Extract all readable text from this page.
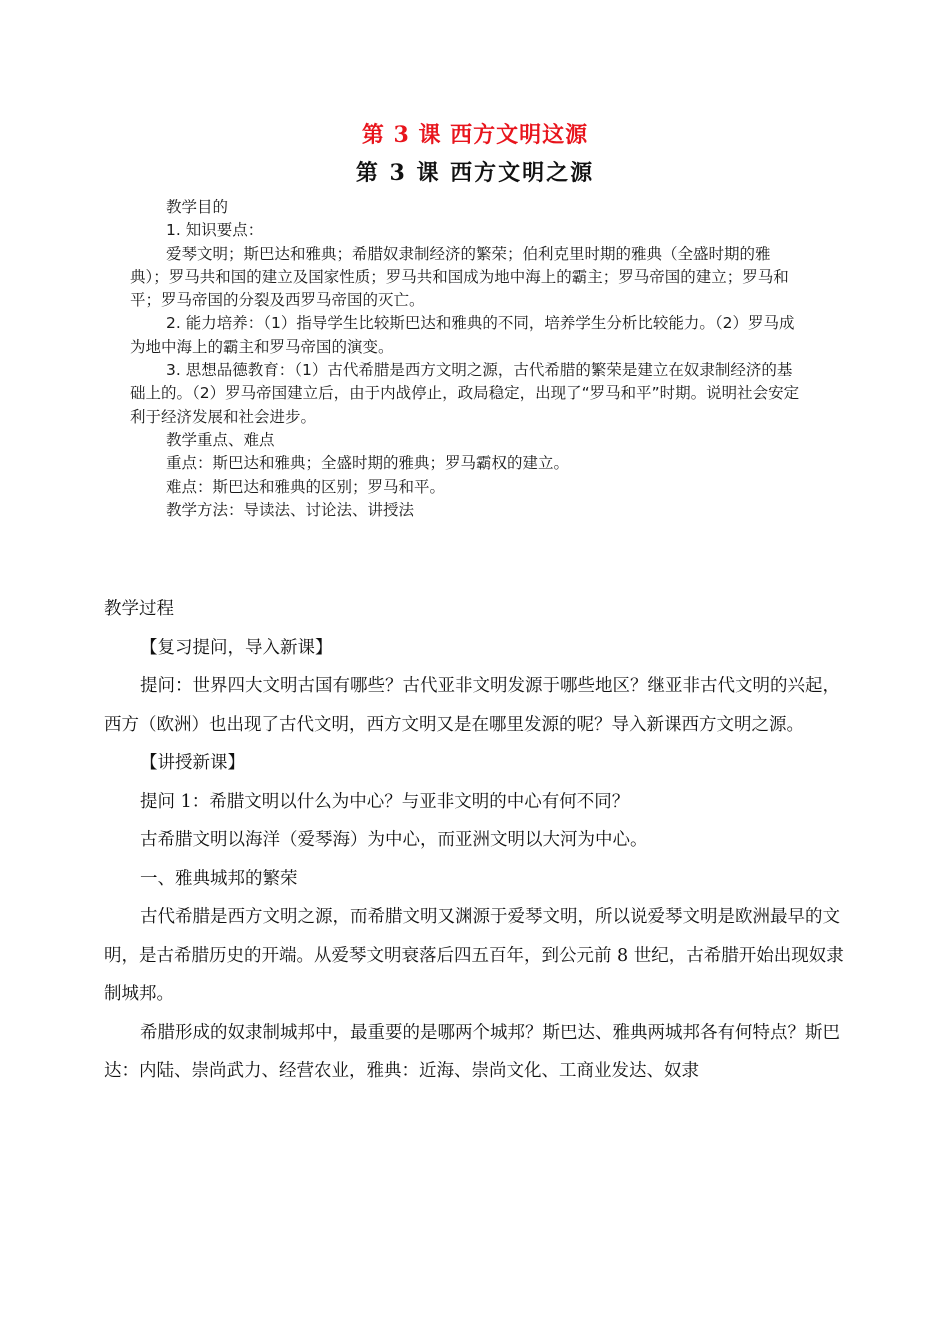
第 3 课 西方文明这源
第 3 课 西方文明之源

教学目的

1. 知识要点：

爱琴文明；斯巴达和雅典；希腊奴隶制经济的繁荣；伯利克里时期的雅典（全盛时期的雅典）；罗马共和国的建立及国家性质；罗马共和国成为地中海上的霸主；罗马帝国的建立；罗马和平；罗马帝国的分裂及西罗马帝国的灭亡。

2. 能力培养：（1）指导学生比较斯巴达和雅典的不同，培养学生分析比较能力。（2）罗马成为地中海上的霸主和罗马帝国的演变。

3. 思想品德教育：（1）古代希腊是西方文明之源，古代希腊的繁荣是建立在奴隶制经济的基础上的。（2）罗马帝国建立后，由于内战停止，政局稳定，出现了“罗马和平”时期。说明社会安定利于经济发展和社会进步。

教学重点、难点

重点：斯巴达和雅典；全盛时期的雅典；罗马霸权的建立。

难点：斯巴达和雅典的区别；罗马和平。

教学方法：导读法、讨论法、讲授法

教学过程

【复习提问，导入新课】

提问：世界四大文明古国有哪些？古代亚非文明发源于哪些地区？继亚非古代文明的兴起，西方（欧洲）也出现了古代文明，西方文明又是在哪里发源的呢？导入新课西方文明之源。

【讲授新课】

提问 1：希腊文明以什么为中心？与亚非文明的中心有何不同？

古希腊文明以海洋（爱琴海）为中心，而亚洲文明以大河为中心。

一、雅典城邦的繁荣

古代希腊是西方文明之源，而希腊文明又渊源于爱琴文明，所以说爱琴文明是欧洲最早的文明，是古希腊历史的开端。从爱琴文明衰落后四五百年，到公元前 8 世纪，古希腊开始出现奴隶制城邦。

希腊形成的奴隶制城邦中，最重要的是哪两个城邦？斯巴达、雅典两城邦各有何特点？斯巴达：内陆、崇尚武力、经营农业，雅典：近海、崇尚文化、工商业发达、奴隶
